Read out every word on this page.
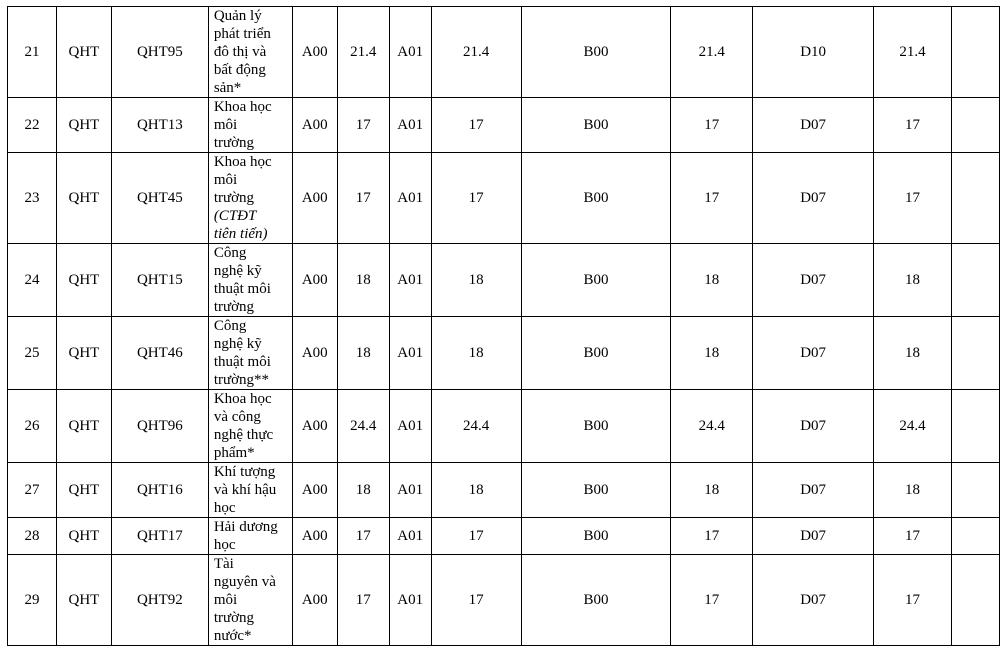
21	QHT	QHT95	Quản lý
phát triển
đô thị và
bất động
sản*	A00	21.4	A01	21.4	B00	21.4	D10	21.4	
22	QHT	QHT13	Khoa học
môi
trường	A00	17	A01	17	B00	17	D07	17	
23	QHT	QHT45	Khoa học
môi
trường
(CTĐT
tiên tiến)	A00	17	A01	17	B00	17	D07	17	
24	QHT	QHT15	Công
nghệ kỹ
thuật môi
trường	A00	18	A01	18	B00	18	D07	18	
25	QHT	QHT46	Công
nghệ kỹ
thuật môi
trường**	A00	18	A01	18	B00	18	D07	18	
26	QHT	QHT96	Khoa học
và công
nghệ thực
phẩm*	A00	24.4	A01	24.4	B00	24.4	D07	24.4	
27	QHT	QHT16	Khí tượng
và khí hậu
học	A00	18	A01	18	B00	18	D07	18	
28	QHT	QHT17	Hải dương
học	A00	17	A01	17	B00	17	D07	17	
29	QHT	QHT92	Tài
nguyên và
môi
trường
nước*	A00	17	A01	17	B00	17	D07	17	
